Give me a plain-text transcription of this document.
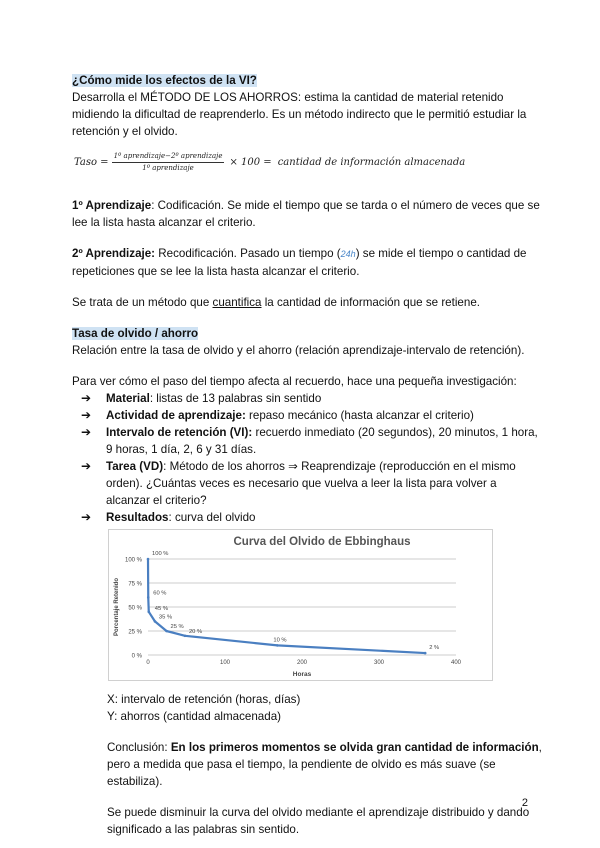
¿Cómo mide los efectos de la VI?
Desarrolla el MÉTODO DE LOS AHORROS: estima la cantidad de material retenido midiendo la dificultad de reaprenderlo. Es un método indirecto que le permitió estudiar la retención y el olvido.
Taso = $\frac{\text{1º aprendizaje−2º aprendizaje}}{\text{1º aprendizaje}} \times 100$ = cantidad de información almacenada
1º Aprendizaje: Codificación. Se mide el tiempo que se tarda o el número de veces que se lee la lista hasta alcanzar el criterio.
2º Aprendizaje: Recodificación. Pasado un tiempo (24h) se mide el tiempo o cantidad de repeticiones que se lee la lista hasta alcanzar el criterio.
Se trata de un método que cuantifica la cantidad de información que se retiene.
Tasa de olvido / ahorro
Relación entre la tasa de olvido y el ahorro (relación aprendizaje-intervalo de retención).
Para ver cómo el paso del tiempo afecta al recuerdo, hace una pequeña investigación:
➔ Material: listas de 13 palabras sin sentido
➔ Actividad de aprendizaje: repaso mecánico (hasta alcanzar el criterio)
➔ Intervalo de retención (VI): recuerdo inmediato (20 segundos), 20 minutos, 1 hora, 9 horas, 1 día, 2, 6 y 31 días.
➔ Tarea (VD): Método de los ahorros ⇒ Reaprendizaje (reproducción en el mismo orden). ¿Cuántas veces es necesario que vuelva a leer la lista para volver a alcanzar el criterio?
➔ Resultados: curva del olvido
Curva del Olvido de Ebbinghaus
0 %
25 %
50 %
75 %
100 %
0	100	200	300	400
Horas
Porcentaje Retenido
100 %
60 %
45 %
35 %
25 %
20 %
10 %
2 %
X: intervalo de retención (horas, días)
Y: ahorros (cantidad almacenada)
Conclusión: En los primeros momentos se olvida gran cantidad de información, pero a medida que pasa el tiempo, la pendiente de olvido es más suave (se estabiliza).
Se puede disminuir la curva del olvido mediante el aprendizaje distribuido y dando significado a las palabras sin sentido.
2
